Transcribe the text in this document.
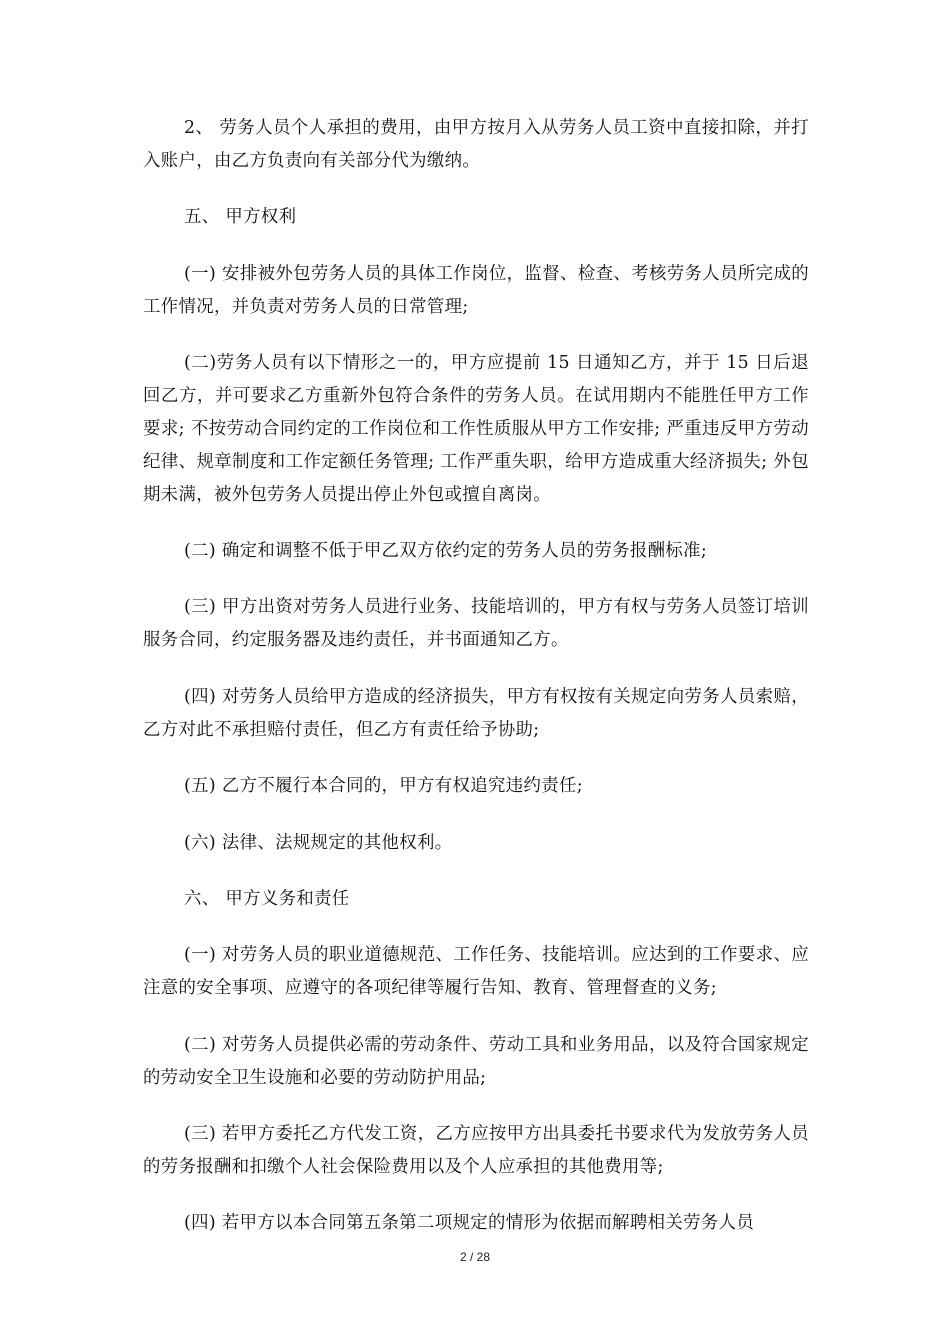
2、 劳务人员个人承担的费用，由甲方按月入从劳务人员工资中直接扣除，并打入账户，由乙方负责向有关部分代为缴纳。

五、 甲方权利

(一) 安排被外包劳务人员的具体工作岗位，监督、检查、考核劳务人员所完成的工作情况，并负责对劳务人员的日常管理;

(二)劳务人员有以下情形之一的，甲方应提前 15 日通知乙方，并于 15 日后退回乙方，并可要求乙方重新外包符合条件的劳务人员。在试用期内不能胜任甲方工作要求; 不按劳动合同约定的工作岗位和工作性质服从甲方工作安排; 严重违反甲方劳动纪律、规章制度和工作定额任务管理; 工作严重失职，给甲方造成重大经济损失; 外包期未满，被外包劳务人员提出停止外包或擅自离岗。

(二) 确定和调整不低于甲乙双方依约定的劳务人员的劳务报酬标准;

(三) 甲方出资对劳务人员进行业务、技能培训的，甲方有权与劳务人员签订培训服务合同，约定服务器及违约责任，并书面通知乙方。

(四) 对劳务人员给甲方造成的经济损失，甲方有权按有关规定向劳务人员索赔，乙方对此不承担赔付责任，但乙方有责任给予协助;

(五) 乙方不履行本合同的，甲方有权追究违约责任;

(六) 法律、法规规定的其他权利。

六、 甲方义务和责任

(一) 对劳务人员的职业道德规范、工作任务、技能培训。应达到的工作要求、应注意的安全事项、应遵守的各项纪律等履行告知、教育、管理督查的义务;

(二) 对劳务人员提供必需的劳动条件、劳动工具和业务用品，以及符合国家规定的劳动安全卫生设施和必要的劳动防护用品;

(三) 若甲方委托乙方代发工资，乙方应按甲方出具委托书要求代为发放劳务人员的劳务报酬和扣缴个人社会保险费用以及个人应承担的其他费用等;

(四) 若甲方以本合同第五条第二项规定的情形为依据而解聘相关劳务人员

2 / 28
